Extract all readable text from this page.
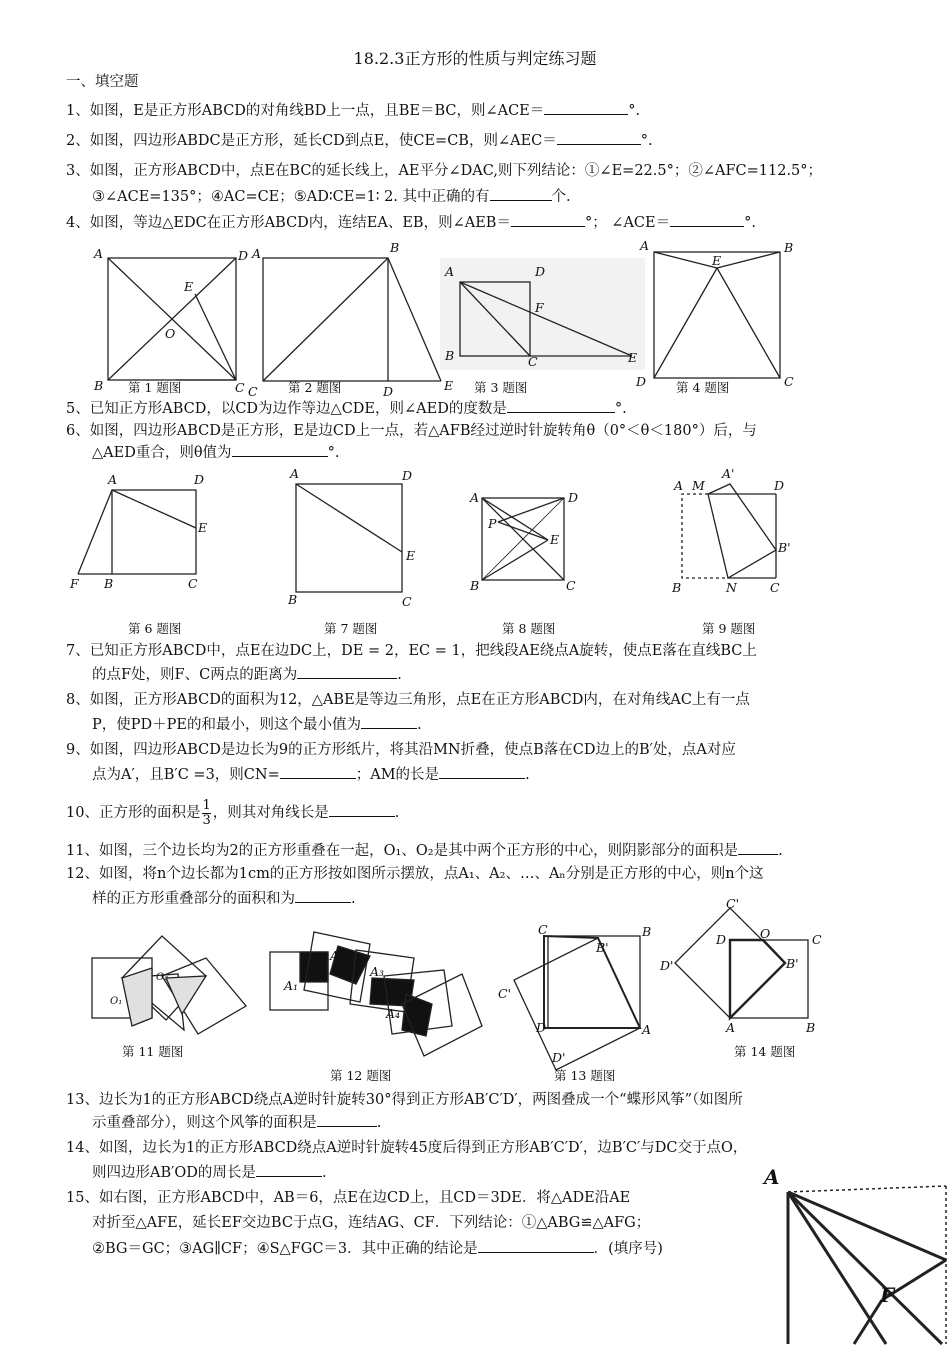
18.2.3正方形的性质与判定练习题
一、填空题
1、如图，E是正方形ABCD的对角线BD上一点，且BE＝BC，则∠ACE＝	°.
2、如图，四边形ABDC是正方形，延长CD到点E，使CE=CB，则∠AEC＝	°.
3、如图，正方形ABCD中，点E在BC的延长线上，AE平分∠DAC,则下列结论：①∠E=22.5°；②∠AFC=112.5°；
③∠ACE=135°；④AC=CE；⑤AD∶CE=1∶ 2. 其中正确的有	个.
4、如图，等边△EDC在正方形ABCD内，连结EA、EB，则∠AEB＝	°； ∠ACE＝	°.
A	D
E
O
B	C
第 1 题图
A	B
C	D	E
第 2 题图
A	D
F
B	C	E
第 3 题图
A	B
E
D	C
第 4 题图
5、已知正方形ABCD，以CD为边作等边△CDE，则∠AED的度数是	°.
6、如图，四边形ABCD是正方形，E是边CD上一点，若△AFB经过逆时针旋转角θ（0°＜θ＜180°）后，与
△AED重合，则θ值为	°.
A	D
E
F B	C
第 6 题图
A	D
E
B	C
第 7 题图
A	D
P
E
B	C
第 8 题图
A M
A'
D
B'
B	N	C
第 9 题图
7、已知正方形ABCD中，点E在边DC上，DE = 2，EC = 1，把线段AE绕点A旋转，使点E落在直线BC上
的点F处，则F、C两点的距离为	.
8、如图，正方形ABCD的面积为12，△ABE是等边三角形，点E在正方形ABCD内，在对角线AC上有一点
P，使PD＋PE的和最小，则这个最小值为	.
9、如图，四边形ABCD是边长为9的正方形纸片，将其沿MN折叠，使点B落在CD边上的B′处，点A对应
点为A′，且B′C =3，则CN=	；AM的长是	.
10、正方形的面积是 $\frac{1}{3}$ ，则其对角线长是	.
11、如图，三个边长均为2的正方形重叠在一起，O₁、O₂是其中两个正方形的中心，则阴影部分的面积是	.
12、如图，将n个边长都为1cm的正方形按如图所示摆放，点A₁、A₂、…、Aₙ分别是正方形的中心，则n个这
样的正方形重叠部分的面积和为	.
O₂
O₁
第 11 题图
A₁
A₂
A₃
A₄
第 12 题图
C	B
B'
C'
D	A
D'
第 13 题图
C'
D	O	C
D'	B'
A	B
第 14 题图
13、边长为1的正方形ABCD绕点A逆时针旋转30°得到正方形AB′C′D′，两图叠成一个“蝶形风筝”（如图所
示重叠部分），则这个风筝的面积是	.
14、如图，边长为1的正方形ABCD绕点A逆时针旋转45度后得到正方形AB′C′D′，边B′C′与DC交于点O，
则四边形AB′OD的周长是	.
15、如右图，正方形ABCD中，AB＝6，点E在边CD上，且CD＝3DE．将△ADE沿AE
对折至△AFE，延长EF交边BC于点G，连结AG、CF．下列结论：①△ABG≌△AFG；
②BG＝GC；③AG∥CF；④S△FGC＝3．其中正确的结论是	．(填序号)
A
F
